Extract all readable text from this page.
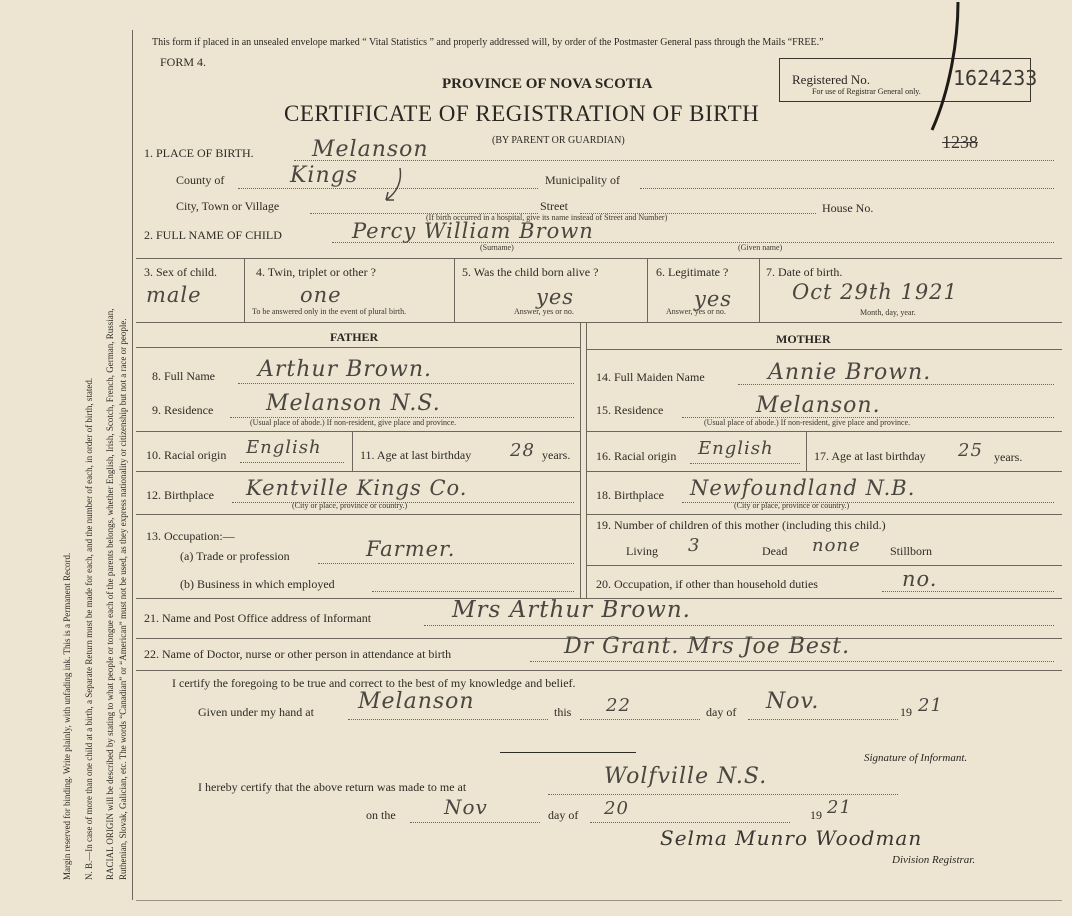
Margin reserved for binding. Write plainly, with unfading ink. This is a Permanent Record. N. B.—In case of more than one child at a birth, a Separate Return must be made for each, and the number of each, in order of birth, stated. RACIAL ORIGIN will be described by stating to what people or tongue each of the parents belongs, whether English, Irish, Scotch, French, German, Russian, Ruthenian, Slovak, Galician, etc. The words “Canadian” or “American” must not be used, as they express nationality or citizenship but not a race or people.
This form if placed in an unsealed envelope marked “ Vital Statistics ” and properly addressed will, by order of the Postmaster General pass through the Mails “FREE.”
FORM 4.
PROVINCE OF NOVA SCOTIA
CERTIFICATE OF REGISTRATION OF BIRTH
(BY PARENT OR GUARDIAN)
Registered No.
For use of Registrar General only.
1624233
1238
1. PLACE OF BIRTH.	Melanson
County of	Kings	Municipality of
City, Town or Village	Street	House No.
(If birth occurred in a hospital, give its name instead of Street and Number)
2. FULL NAME OF CHILD	Percy William Brown
(Surname)	(Given name)
3. Sex of child.
male
4. Twin, triplet or other ?
one
To be answered only in the event of plural birth.
5. Was the child born alive ?
yes
Answer, yes or no.
6. Legitimate ?
yes
Answer, yes or no.
7. Date of birth.
Oct 29th 1921
Month, day, year.
FATHER	MOTHER
8. Full Name Arthur Brown.
9. Residence Melanson N.S.
(Usual place of abode.) If non-resident, give place and province.
10. Racial origin English	11. Age at last birthday 28 years.
12. Birthplace Kentville Kings Co.
(City or place, province or country.)
13. Occupation:—
(a) Trade or profession	Farmer.
(b) Business in which employed
14. Full Maiden Name	Annie Brown.
15. Residence	Melanson.
(Usual place of abode.) If non-resident, give place and province.
16. Racial origin English	17. Age at last birthday 25 years.
18. Birthplace Newfoundland N.B.
(City or place, province or country.)
19. Number of children of this mother (including this child.)
Living 3	Dead none Stillborn
20. Occupation, if other than household duties	no.
21. Name and Post Office address of Informant	Mrs Arthur Brown.
22. Name of Doctor, nurse or other person in attendance at birth	Dr Grant. Mrs Joe Best.
I certify the foregoing to be true and correct to the best of my knowledge and belief.
Given under my hand at Melanson	this 22	day of Nov.	19 21
Signature of Informant.
I hereby certify that the above return was made to me at	Wolfville N.S.
on the Nov	day of 20	19 21
Selma Munro Woodman
Division Registrar.
